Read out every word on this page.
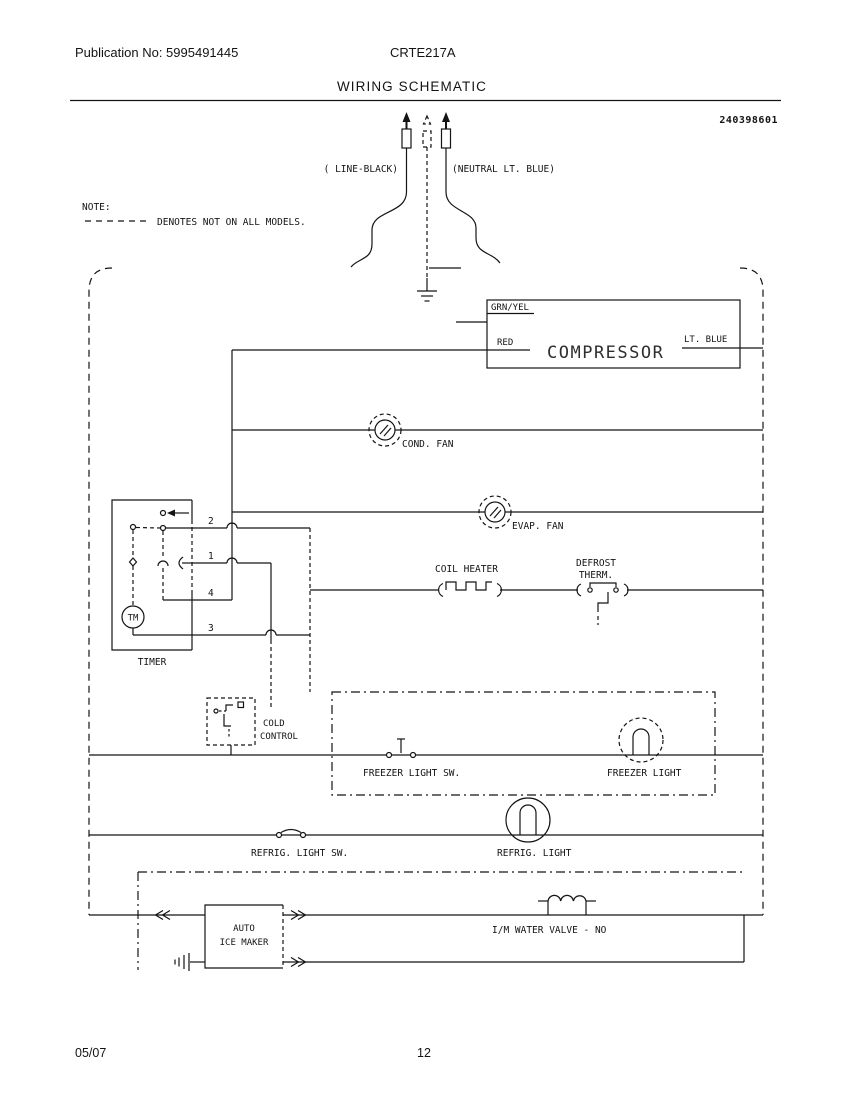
Publication No: 5995491445	CRTE217A
WIRING SCHEMATIC
240398601
NOTE:
DENOTES NOT ON ALL MODELS.
( LINE-BLACK)	(NEUTRAL LT. BLUE)
GRN/YEL
RED COMPRESSOR
LT. BLUE
COND. FAN
EVAP. FAN
TM
TIMER
2
1
4
3
COIL HEATER
DEFROST
THERM.
COLD
CONTROL
FREEZER LIGHT SW.	FREEZER LIGHT
REFRIG. LIGHT SW.	REFRIG. LIGHT
AUTO
ICE MAKER
I/M WATER VALVE - NO
05/07	12
